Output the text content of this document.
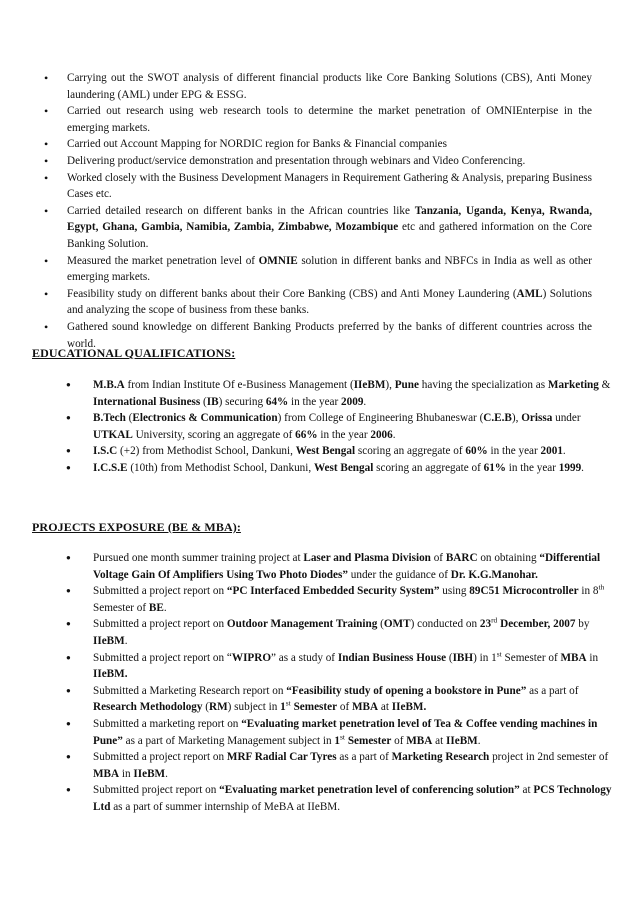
• Carrying out the SWOT analysis of different financial products like Core Banking Solutions (CBS), Anti Money laundering (AML) under EPG & ESSG.
• Carried out research using web research tools to determine the market penetration of OMNIEnterpise in the emerging markets.
• Carried out Account Mapping for NORDIC region for Banks & Financial companies
• Delivering product/service demonstration and presentation through webinars and Video Conferencing.
• Worked closely with the Business Development Managers in Requirement Gathering & Analysis, preparing Business Cases etc.
• Carried detailed research on different banks in the African countries like Tanzania, Uganda, Kenya, Rwanda, Egypt, Ghana, Gambia, Namibia, Zambia, Zimbabwe, Mozambique etc and gathered information on the Core Banking Solution.
• Measured the market penetration level of OMNIE solution in different banks and NBFCs in India as well as other emerging markets.
• Feasibility study on different banks about their Core Banking (CBS) and Anti Money Laundering (AML) Solutions and analyzing the scope of business from these banks.
• Gathered sound knowledge on different Banking Products preferred by the banks of different countries across the world.
EDUCATIONAL QUALIFICATIONS:
● M.B.A from Indian Institute Of e-Business Management (IIeBM), Pune having the specialization as Marketing & International Business (IB) securing 64% in the year 2009.
● B.Tech (Electronics & Communication) from College of Engineering Bhubaneswar (C.E.B), Orissa under UTKAL University, scoring an aggregate of 66% in the year 2006.
● I.S.C (+2) from Methodist School, Dankuni, West Bengal scoring an aggregate of 60% in the year 2001.
● I.C.S.E (10th) from Methodist School, Dankuni, West Bengal scoring an aggregate of 61% in the year 1999.
PROJECTS EXPOSURE (BE & MBA):
● Pursued one month summer training project at Laser and Plasma Division of BARC on obtaining “Differential Voltage Gain Of Amplifiers Using Two Photo Diodes” under the guidance of Dr. K.G.Manohar.
● Submitted a project report on “PC Interfaced Embedded Security System” using 89C51 Microcontroller in 8th Semester of BE.
● Submitted a project report on Outdoor Management Training (OMT) conducted on 23rd December, 2007 by IIeBM.
● Submitted a project report on “WIPRO” as a study of Indian Business House (IBH) in 1st Semester of MBA in IIeBM.
● Submitted a Marketing Research report on “Feasibility study of opening a bookstore in Pune” as a part of Research Methodology (RM) subject in 1st Semester of MBA at IIeBM.
● Submitted a marketing report on “Evaluating market penetration level of Tea & Coffee vending machines in Pune” as a part of Marketing Management subject in 1st Semester of MBA at IIeBM.
● Submitted a project report on MRF Radial Car Tyres as a part of Marketing Research project in 2nd semester of MBA in IIeBM.
● Submitted project report on “Evaluating market penetration level of conferencing solution” at PCS Technology Ltd as a part of summer internship of MeBA at IIeBM.
